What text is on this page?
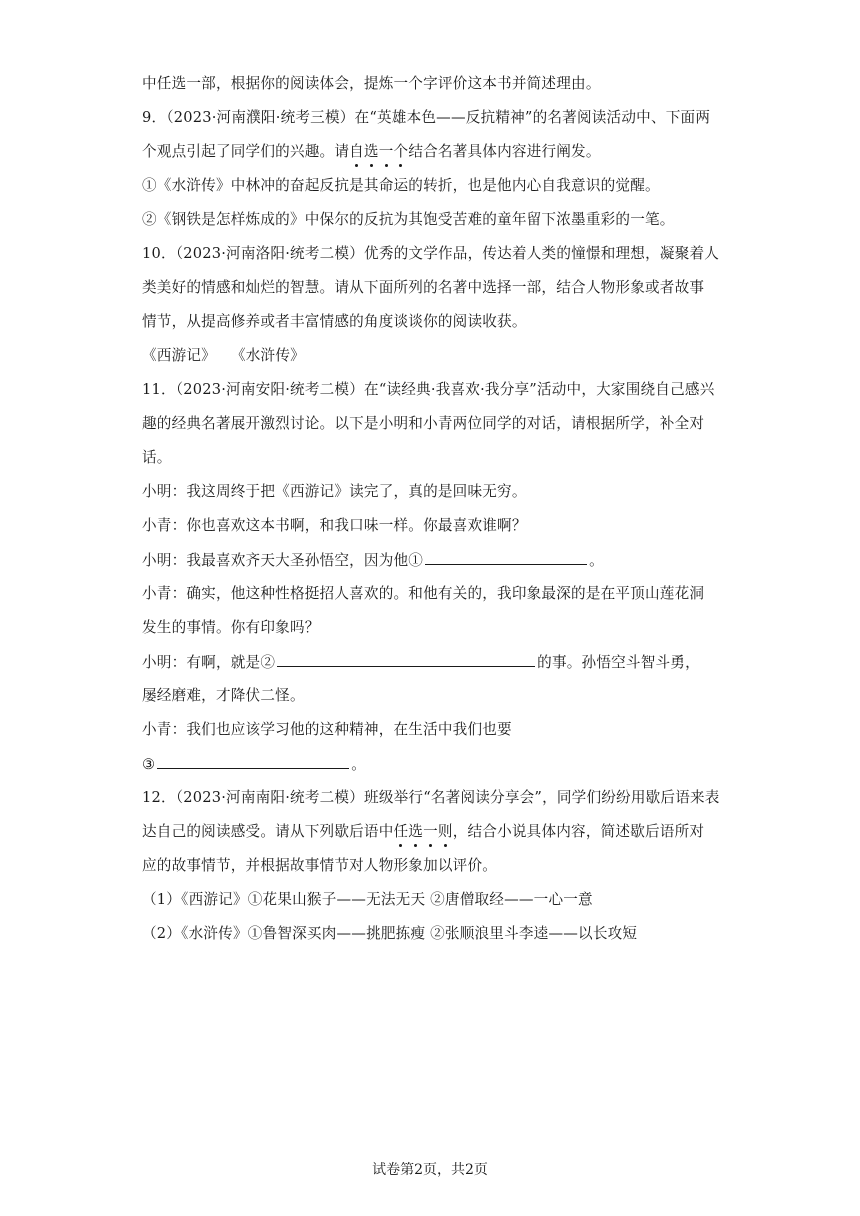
中任选一部，根据你的阅读体会，提炼一个字评价这本书并简述理由。
9．（2023·河南濮阳·统考三模）在“英雄本色——反抗精神”的名著阅读活动中、下面两
个观点引起了同学们的兴趣。请自选一个结合名著具体内容进行阐发。
①《水浒传》中林冲的奋起反抗是其命运的转折，也是他内心自我意识的觉醒。
②《钢铁是怎样炼成的》中保尔的反抗为其饱受苦难的童年留下浓墨重彩的一笔。
10．（2023·河南洛阳·统考二模）优秀的文学作品，传达着人类的憧憬和理想，凝聚着人
类美好的情感和灿烂的智慧。请从下面所列的名著中选择一部，结合人物形象或者故事
情节，从提高修养或者丰富情感的角度谈谈你的阅读收获。
《西游记》　　《水浒传》
11．（2023·河南安阳·统考二模）在“读经典·我喜欢·我分享”活动中，大家围绕自己感兴
趣的经典名著展开激烈讨论。以下是小明和小青两位同学的对话，请根据所学，补全对
话。
小明：我这周终于把《西游记》读完了，真的是回味无穷。
小青：你也喜欢这本书啊，和我口味一样。你最喜欢谁啊？
小明：我最喜欢齐天大圣孙悟空，因为他①	。
小青：确实，他这种性格挺招人喜欢的。和他有关的，我印象最深的是在平顶山莲花洞
发生的事情。你有印象吗？
小明：有啊，就是②	的事。孙悟空斗智斗勇，
屡经磨难，才降伏二怪。
小青：我们也应该学习他的这种精神，在生活中我们也要
③	。
12．（2023·河南南阳·统考二模）班级举行“名著阅读分享会”，同学们纷纷用歇后语来表
达自己的阅读感受。请从下列歇后语中任选一则，结合小说具体内容，简述歇后语所对
应的故事情节，并根据故事情节对人物形象加以评价。
（1）《西游记》①花果山猴子——无法无天 ②唐僧取经——一心一意
（2）《水浒传》①鲁智深买肉——挑肥拣瘦 ②张顺浪里斗李逵——以长攻短
试卷第2页，共2页
